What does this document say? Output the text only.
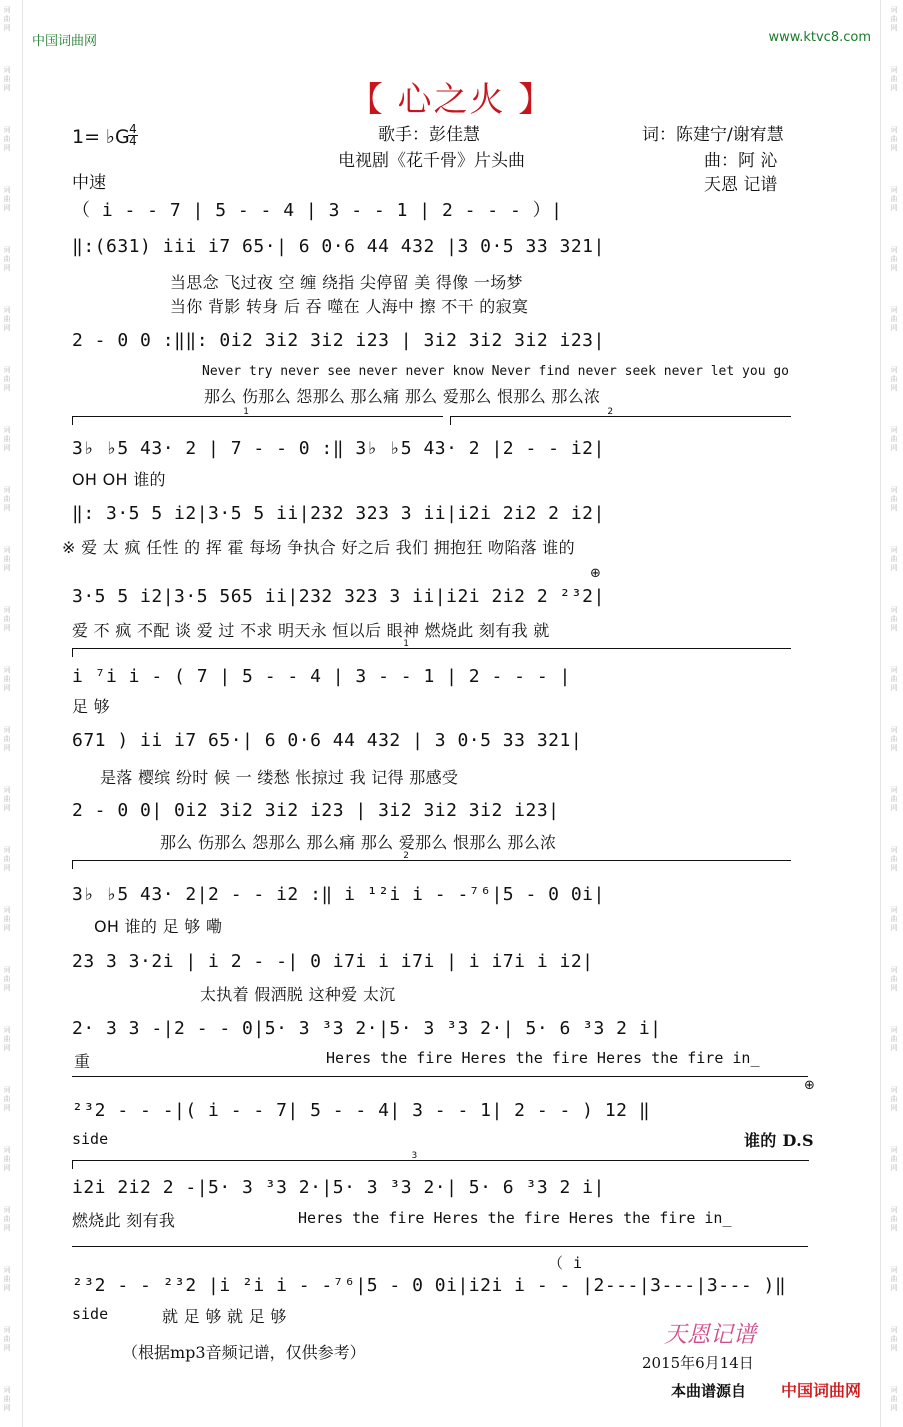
词
曲
网
词
曲
网
词
曲
网
词
曲
网
词
曲
网
词
曲
网
词
曲
网
词
曲
网
词
曲
网
词
曲
网
词
曲
网
词
曲
网
词
曲
网
词
曲
网
词
曲
网
词
曲
网
词
曲
网
词
曲
网
词
曲
网
词
曲
网
词
曲
网
词
曲
网
词
曲
网
词
曲
网
词
曲
网
词
曲
网
词
曲
网
词
曲
网
词
曲
网
词
曲
网
词
曲
网
词
曲
网
词
曲
网
词
曲
网
词
曲
网
词
曲
网
词
曲
网
词
曲
网
词
曲
网
词
曲
网
词
曲
网
词
曲
网
词
曲
网
词
曲
网
词
曲
网
词
曲
网
词
曲
网
词
曲
网
中国词曲网	www.ktvc8.com
【 心之火 】
歌手：彭佳慧
电视剧《花千骨》片头曲
词：陈建宁/谢宥慧
曲：阿 沁
天恩 记谱
1= ♭G 4
4
中速
（ i - - 7 | 5 - - 4 | 3 - - 1 | 2 - - - ）|
‖:(631) iii i7 65·| 6 0·6 44 432 |3 0·5 33 321|
当思念 飞过夜 空 缠 绕指 尖停留 美 得像 一场梦
当你 背影 转身 后 吞 噬在 人海中 擦 不干 的寂寞
2 - 0 0 :‖‖: 0i2 3i2 3i2 i23 | 3i2 3i2 3i2 i23|
Never try never see never never know Never find never seek never let you go
那么 伤那么 怨那么 那么痛 那么 爱那么 恨那么 那么浓
1	2
3♭ ♭5 43· 2 | 7 - - 0 :‖ 3♭ ♭5 43· 2 |2 - - i2|
OH OH 谁的
‖: 3·5 5 i2|3·5 5 ii|232 323 3 ii|i2i 2i2 2 i2|
※ 爱 太 疯 任性 的 挥 霍 每场 争执合 好之后 我们 拥抱狂 吻陷落 谁的
⊕
3·5 5 i2|3·5 565 ii|232 323 3 ii|i2i 2i2 2 ²³2|
爱 不 疯 不配 谈 爱 过 不求 明天永 恒以后 眼神 燃烧此 刻有我 就
1
i ⁷i i - ( 7 | 5 - - 4 | 3 - - 1 | 2 - - - |
足 够
671 ) ii i7 65·| 6 0·6 44 432 | 3 0·5 33 321|
是落 樱缤 纷时 候 一 缕愁 怅掠过 我 记得 那感受
2 - 0 0| 0i2 3i2 3i2 i23 | 3i2 3i2 3i2 i23|
那么 伤那么 怨那么 那么痛 那么 爱那么 恨那么 那么浓
2
3♭ ♭5 43· 2|2 - - i2 :‖ i ¹²i i - -⁷⁶|5 - 0 0i|
OH 谁的 足 够 嘞
23 3 3·2i | i 2 - -| 0 i7i i i7i | i i7i i i2|
太执着 假洒脱 这种爱 太沉
2· 3 3 -|2 - - 0|5· 3 ³3 2·|5· 3 ³3 2·| 5· 6 ³3 2 i|
Heres the fire Heres the fire Heres the fire in_
重
⊕
²³2 - - -|( i - - 7| 5 - - 4| 3 - - 1| 2 - - ) 12 ‖
side	谁的 D.S
3
i2i 2i2 2 -|5· 3 ³3 2·|5· 3 ³3 2·| 5· 6 ³3 2 i|
Heres the fire Heres the fire Heres the fire in_
燃烧此 刻有我
（ i
²³2 - - ²³2 |i ²i i - -⁷⁶|5 - 0 0i|i2i i - - |2---|3---|3--- )‖
side	就 足 够 就 足 够
（根据mp3音频记谱，仅供参考）
天恩记谱
2015年6月14日
本曲谱源自 中国词曲网
